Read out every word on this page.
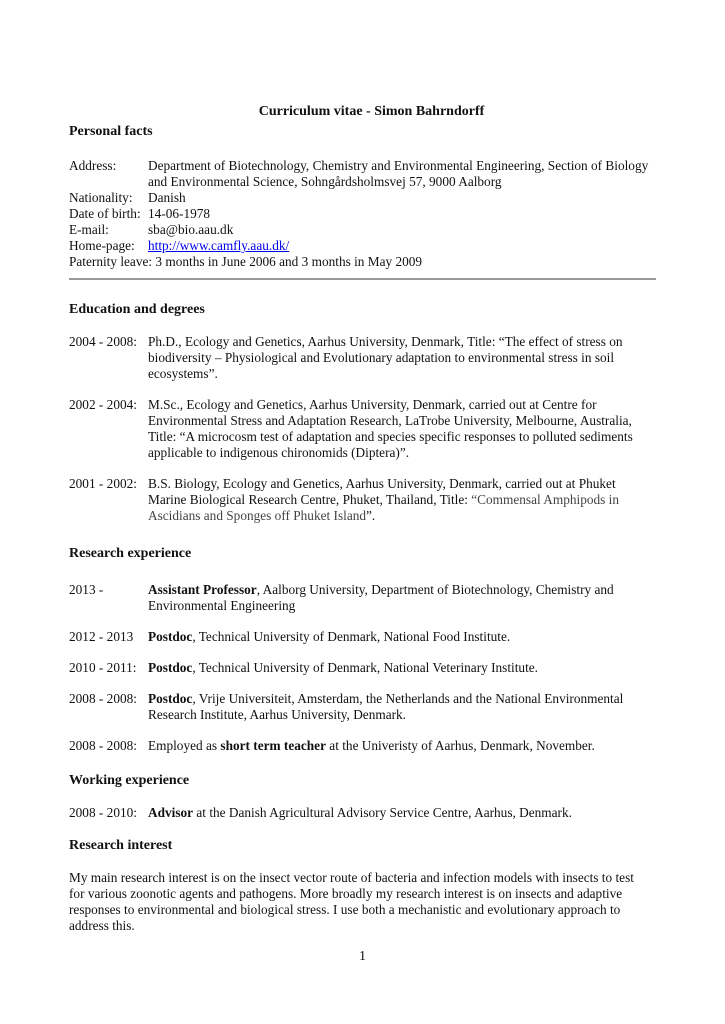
Curriculum vitae - Simon Bahrndorff
Personal facts
Address:	Department of Biotechnology, Chemistry and Environmental Engineering, Section of Biology
and Environmental Science, Sohngårdsholmsvej 57, 9000 Aalborg
Nationality:	Danish
Date of birth: 14-06-1978
E-mail:	sba@bio.aau.dk
Home-page: http://www.camfly.aau.dk/
Paternity leave: 3 months in June 2006 and 3 months in May 2009
Education and degrees
2004 - 2008: Ph.D., Ecology and Genetics, Aarhus University, Denmark, Title: “The effect of stress on
biodiversity – Physiological and Evolutionary adaptation to environmental stress in soil
ecosystems”.
2002 - 2004: M.Sc., Ecology and Genetics, Aarhus University, Denmark, carried out at Centre for
Environmental Stress and Adaptation Research, LaTrobe University, Melbourne, Australia,
Title: “A microcosm test of adaptation and species specific responses to polluted sediments
applicable to indigenous chironomids (Diptera)”.
2001 - 2002: B.S. Biology, Ecology and Genetics, Aarhus University, Denmark, carried out at Phuket
Marine Biological Research Centre, Phuket, Thailand, Title: “Commensal Amphipods in
Ascidians and Sponges off Phuket Island”.
Research experience
2013 -	Assistant Professor, Aalborg University, Department of Biotechnology, Chemistry and
Environmental Engineering
2012 - 2013	Postdoc, Technical University of Denmark, National Food Institute.
2010 - 2011: Postdoc, Technical University of Denmark, National Veterinary Institute.
2008 - 2008: Postdoc, Vrije Universiteit, Amsterdam, the Netherlands and the National Environmental
Research Institute, Aarhus University, Denmark.
2008 - 2008: Employed as short term teacher at the Univeristy of Aarhus, Denmark, November.
Working experience
2008 - 2010: Advisor at the Danish Agricultural Advisory Service Centre, Aarhus, Denmark.
Research interest
My main research interest is on the insect vector route of bacteria and infection models with insects to test
for various zoonotic agents and pathogens. More broadly my research interest is on insects and adaptive
responses to environmental and biological stress. I use both a mechanistic and evolutionary approach to
address this.
1
